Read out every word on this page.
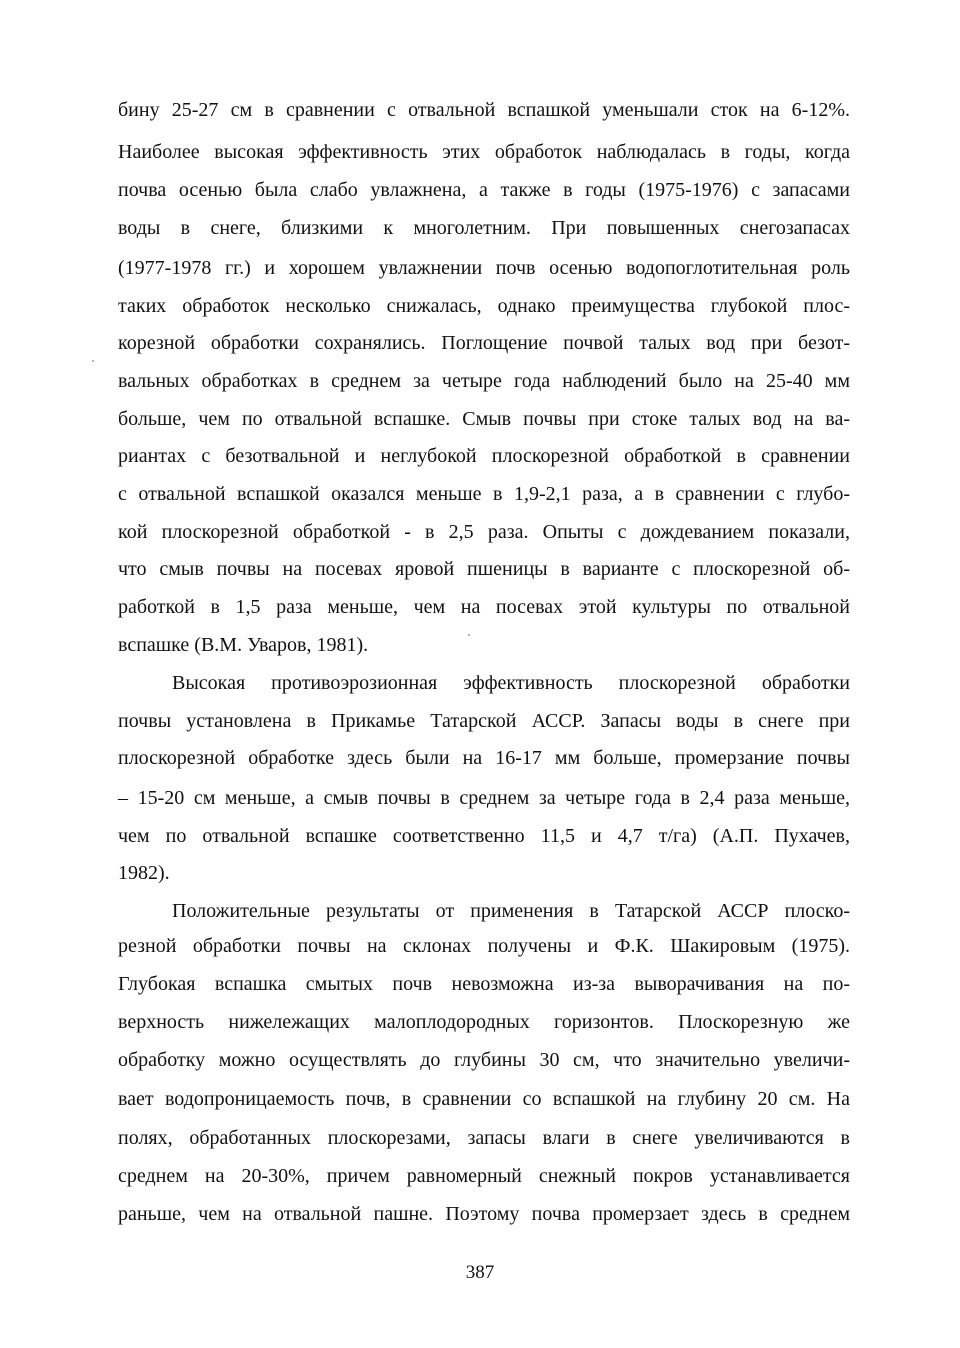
бину 25-27 см в сравнении с отвальной вспашкой уменьшали сток на 6-12%.
Наиболее высокая эффективность этих обработок наблюдалась в годы, когда
почва осенью была слабо увлажнена, а также в годы (1975-1976) с запасами
воды в снеге, близкими к многолетним. При повышенных снегозапасах
(1977-1978 гг.) и хорошем увлажнении почв осенью водопоглотительная роль
таких обработок несколько снижалась, однако преимущества глубокой плос-
корезной обработки сохранялись. Поглощение почвой талых вод при безот-
вальных обработках в среднем за четыре года наблюдений было на 25-40 мм
больше, чем по отвальной вспашке. Смыв почвы при стоке талых вод на ва-
риантах с безотвальной и неглубокой плоскорезной обработкой в сравнении
с отвальной вспашкой оказался меньше в 1,9-2,1 раза, а в сравнении с глубо-
кой плоскорезной обработкой - в 2,5 раза. Опыты с дождеванием показали,
что смыв почвы на посевах яровой пшеницы в варианте с плоскорезной об-
работкой в 1,5 раза меньше, чем на посевах этой культуры по отвальной
вспашке (В.М. Уваров, 1981).
Высокая противоэрозионная эффективность плоскорезной обработки
почвы установлена в Прикамье Татарской АССР. Запасы воды в снеге при
плоскорезной обработке здесь были на 16-17 мм больше, промерзание почвы
– 15-20 см меньше, а смыв почвы в среднем за четыре года в 2,4 раза меньше,
чем по отвальной вспашке соответственно 11,5 и 4,7 т/га) (А.П. Пухачев,
1982).
Положительные результаты от применения в Татарской АССР плоско-
резной обработки почвы на склонах получены и Ф.К. Шакировым (1975).
Глубокая вспашка смытых почв невозможна из-за выворачивания на по-
верхность нижележащих малоплодородных горизонтов. Плоскорезную же
обработку можно осуществлять до глубины 30 см, что значительно увеличи-
вает водопроницаемость почв, в сравнении со вспашкой на глубину 20 см. На
полях, обработанных плоскорезами, запасы влаги в снеге увеличиваются в
среднем на 20-30%, причем равномерный снежный покров устанавливается
раньше, чем на отвальной пашне. Поэтому почва промерзает здесь в среднем
387
